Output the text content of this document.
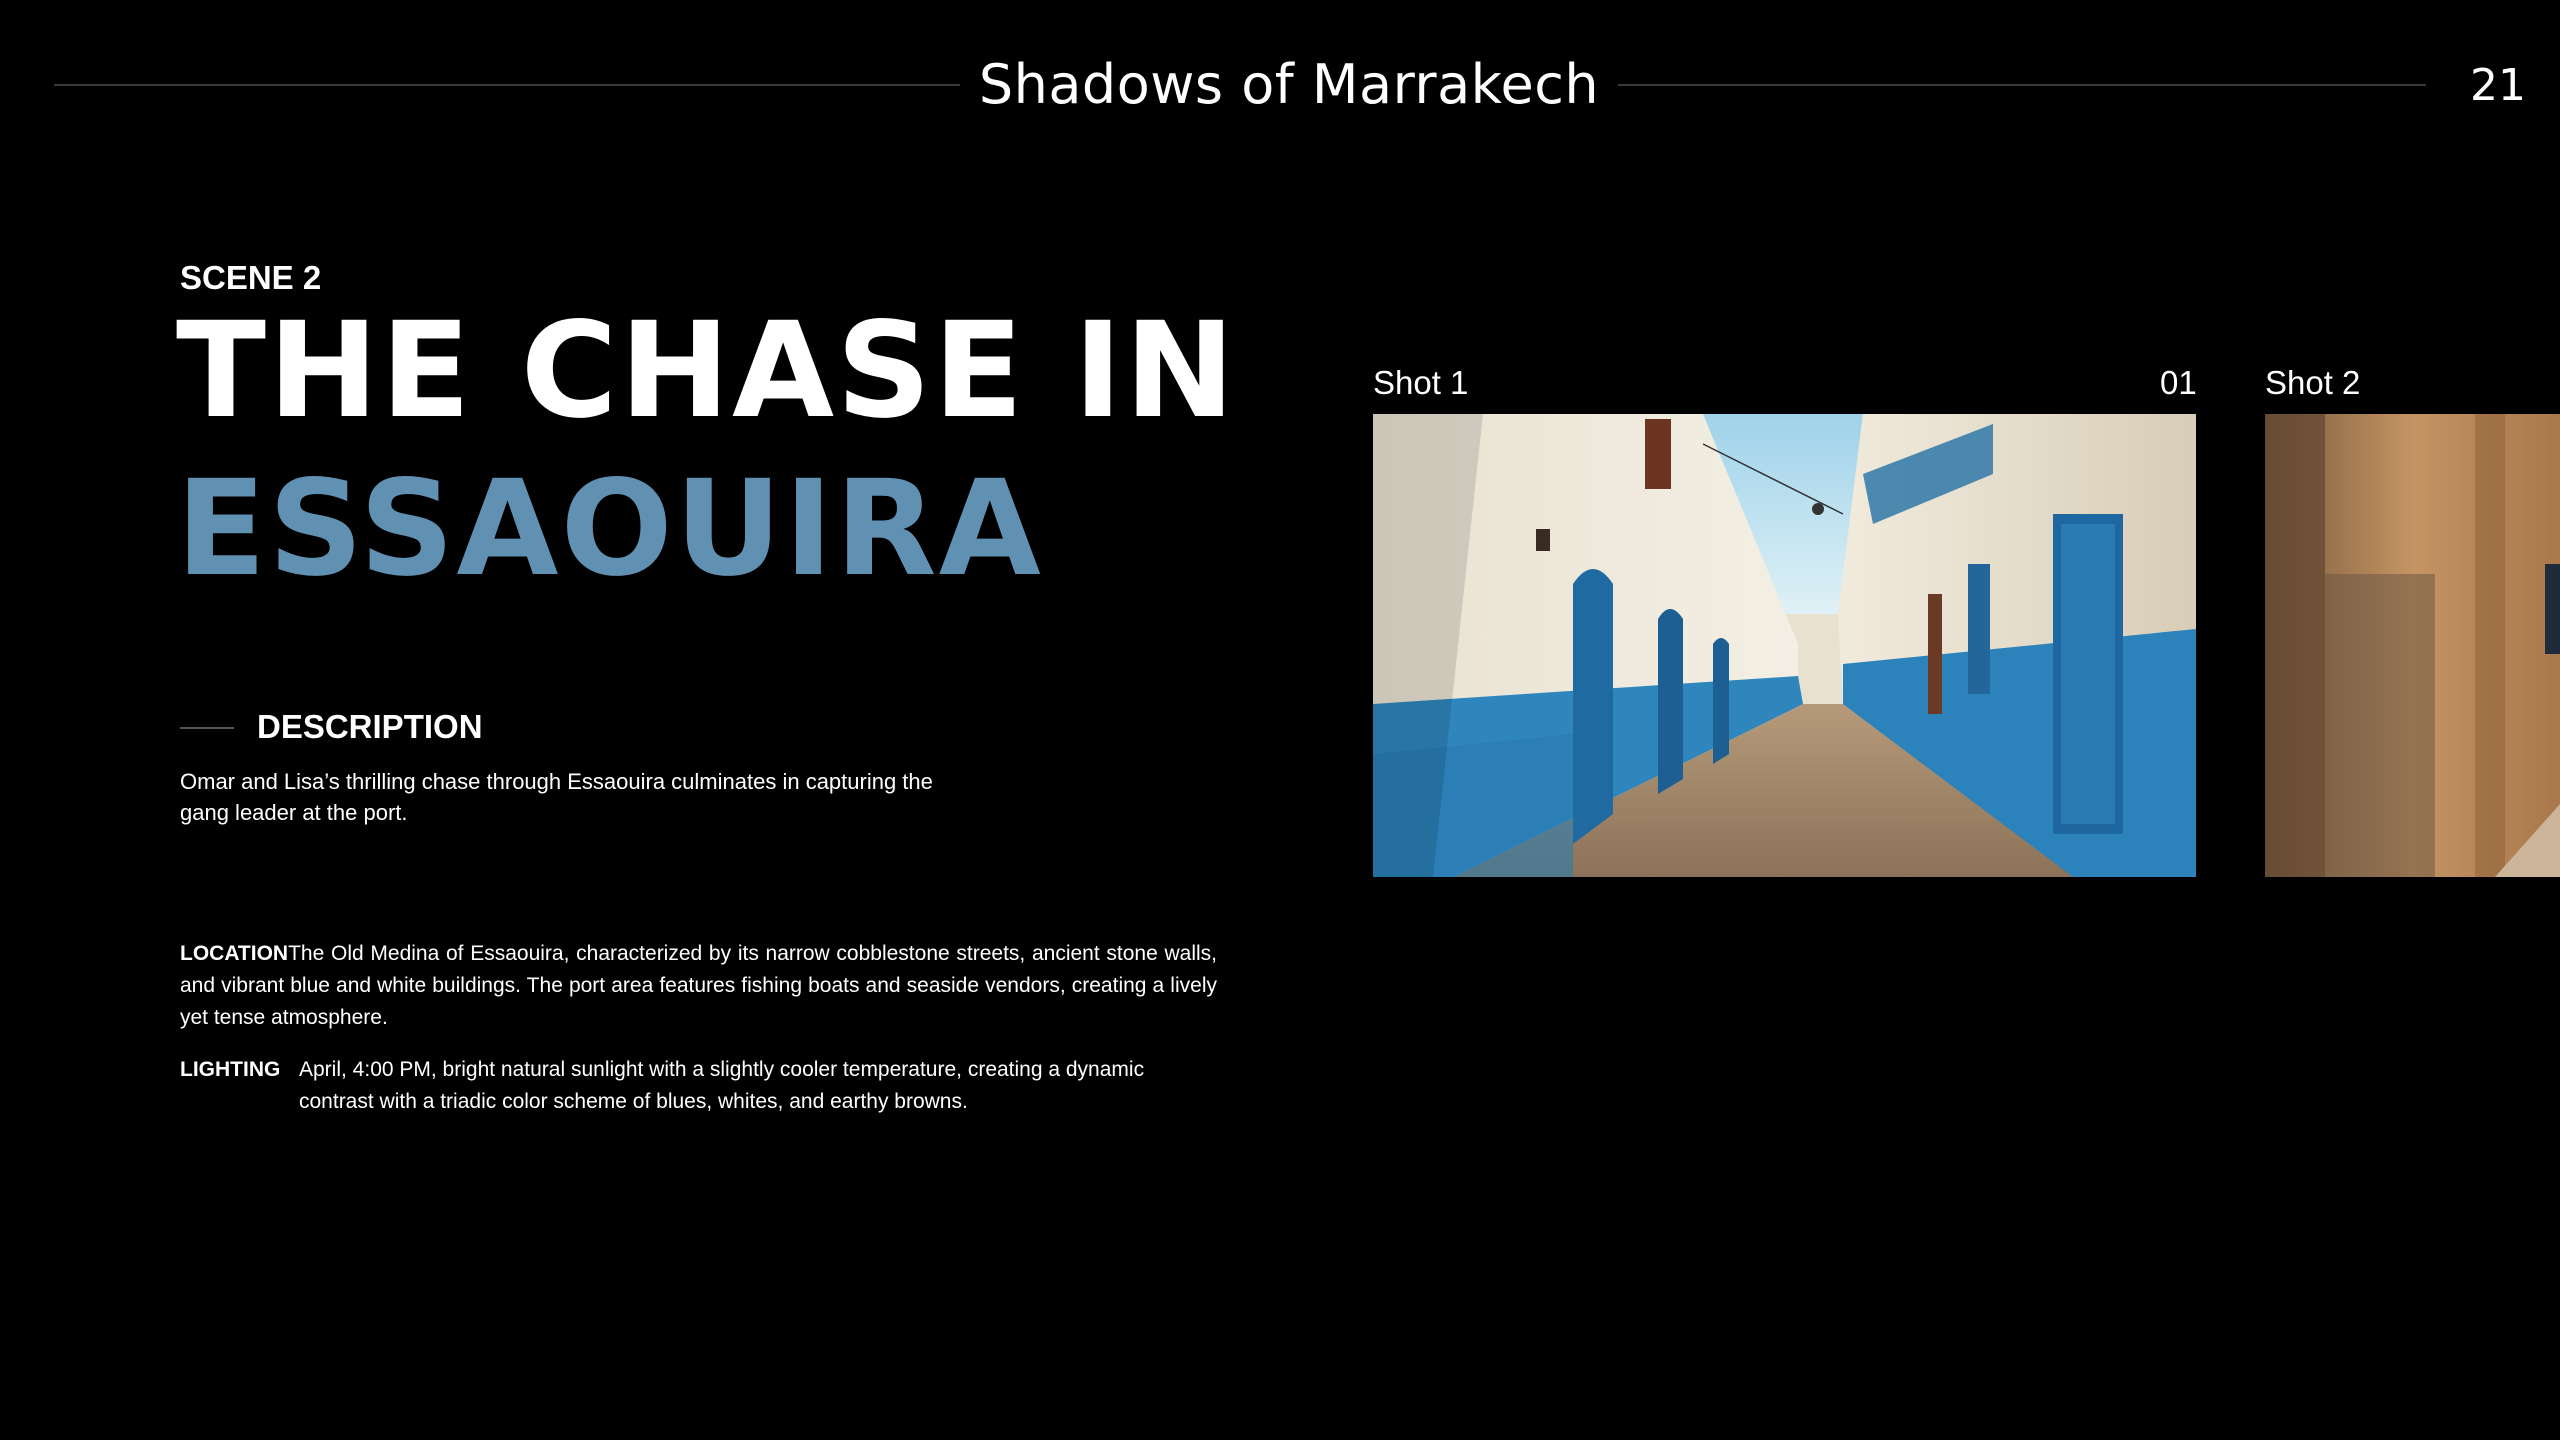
Shadows of Marrakech	21
SCENE 2
THE CHASE IN
ESSAOUIRA
DESCRIPTION
Omar and Lisa’s thrilling chase through Essaouira culminates in capturing the gang leader at the port.
LOCATIONThe Old Medina of Essaouira, characterized by its narrow cobblestone streets, ancient stone walls, and vibrant blue and white buildings. The port area features fishing boats and seaside vendors, creating a lively yet tense atmosphere.
LIGHTING April, 4:00 PM, bright natural sunlight with a slightly cooler temperature, creating a dynamic contrast with a triadic color scheme of blues, whites, and earthy browns.
Shot 1	01 Shot 2
